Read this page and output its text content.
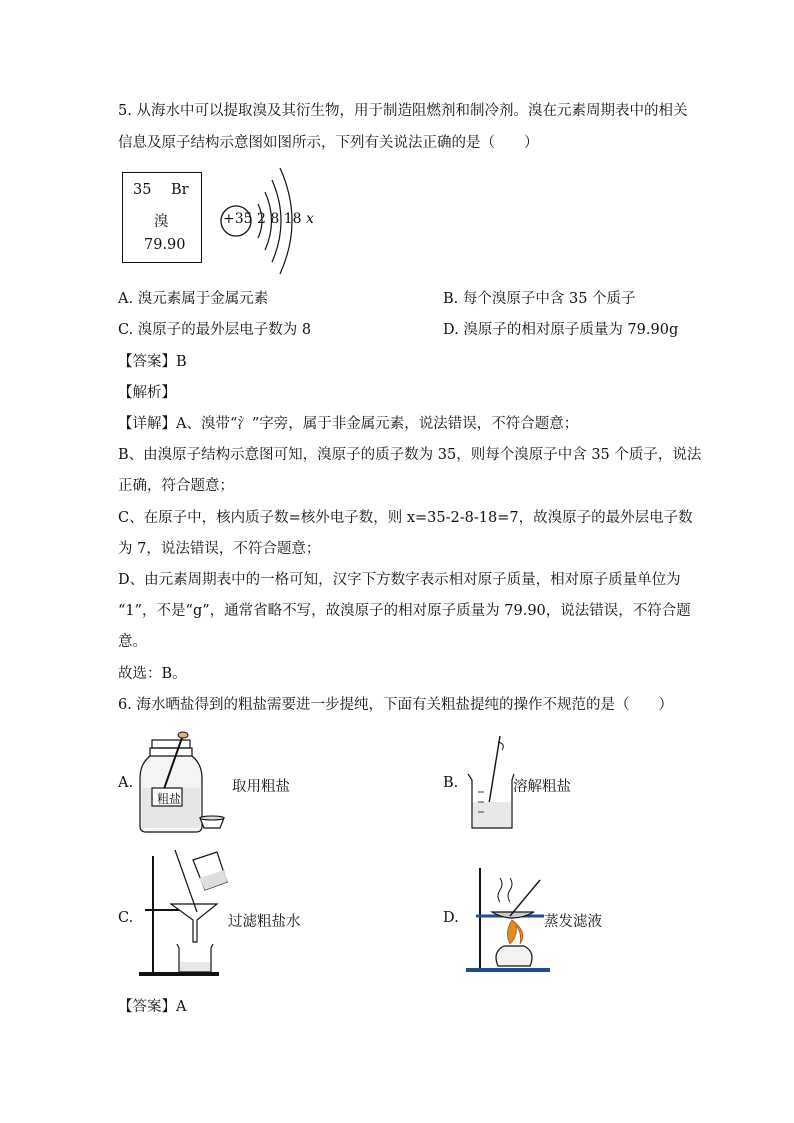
5. 从海水中可以提取溴及其衍生物，用于制造阻燃剂和制冷剂。溴在元素周期表中的相关
信息及原子结构示意图如图所示，下列有关说法正确的是（　　）
35 Br
溴
79.90
+35 2 8 18 x
A. 溴元素属于金属元素	B. 每个溴原子中含 35 个质子
C. 溴原子的最外层电子数为 8	D. 溴原子的相对原子质量为 79.90g
【答案】B
【解析】
【详解】A、溴带“氵”字旁，属于非金属元素，说法错误，不符合题意；
B、由溴原子结构示意图可知，溴原子的质子数为 35，则每个溴原子中含 35 个质子，说法
正确，符合题意；
C、在原子中，核内质子数=核外电子数，则 x=35-2-8-18=7，故溴原子的最外层电子数
为 7，说法错误，不符合题意；
D、由元素周期表中的一格可知，汉字下方数字表示相对原子质量，相对原子质量单位为
“1”，不是“g”，通常省略不写，故溴原子的相对原子质量为 79.90，说法错误，不符合题
意。
故选：B。
6. 海水晒盐得到的粗盐需要进一步提纯，下面有关粗盐提纯的操作不规范的是（　　）
A.
粗盐
取用粗盐	B.	溶解粗盐
C.	过滤粗盐水	D.	蒸发滤液
【答案】A
